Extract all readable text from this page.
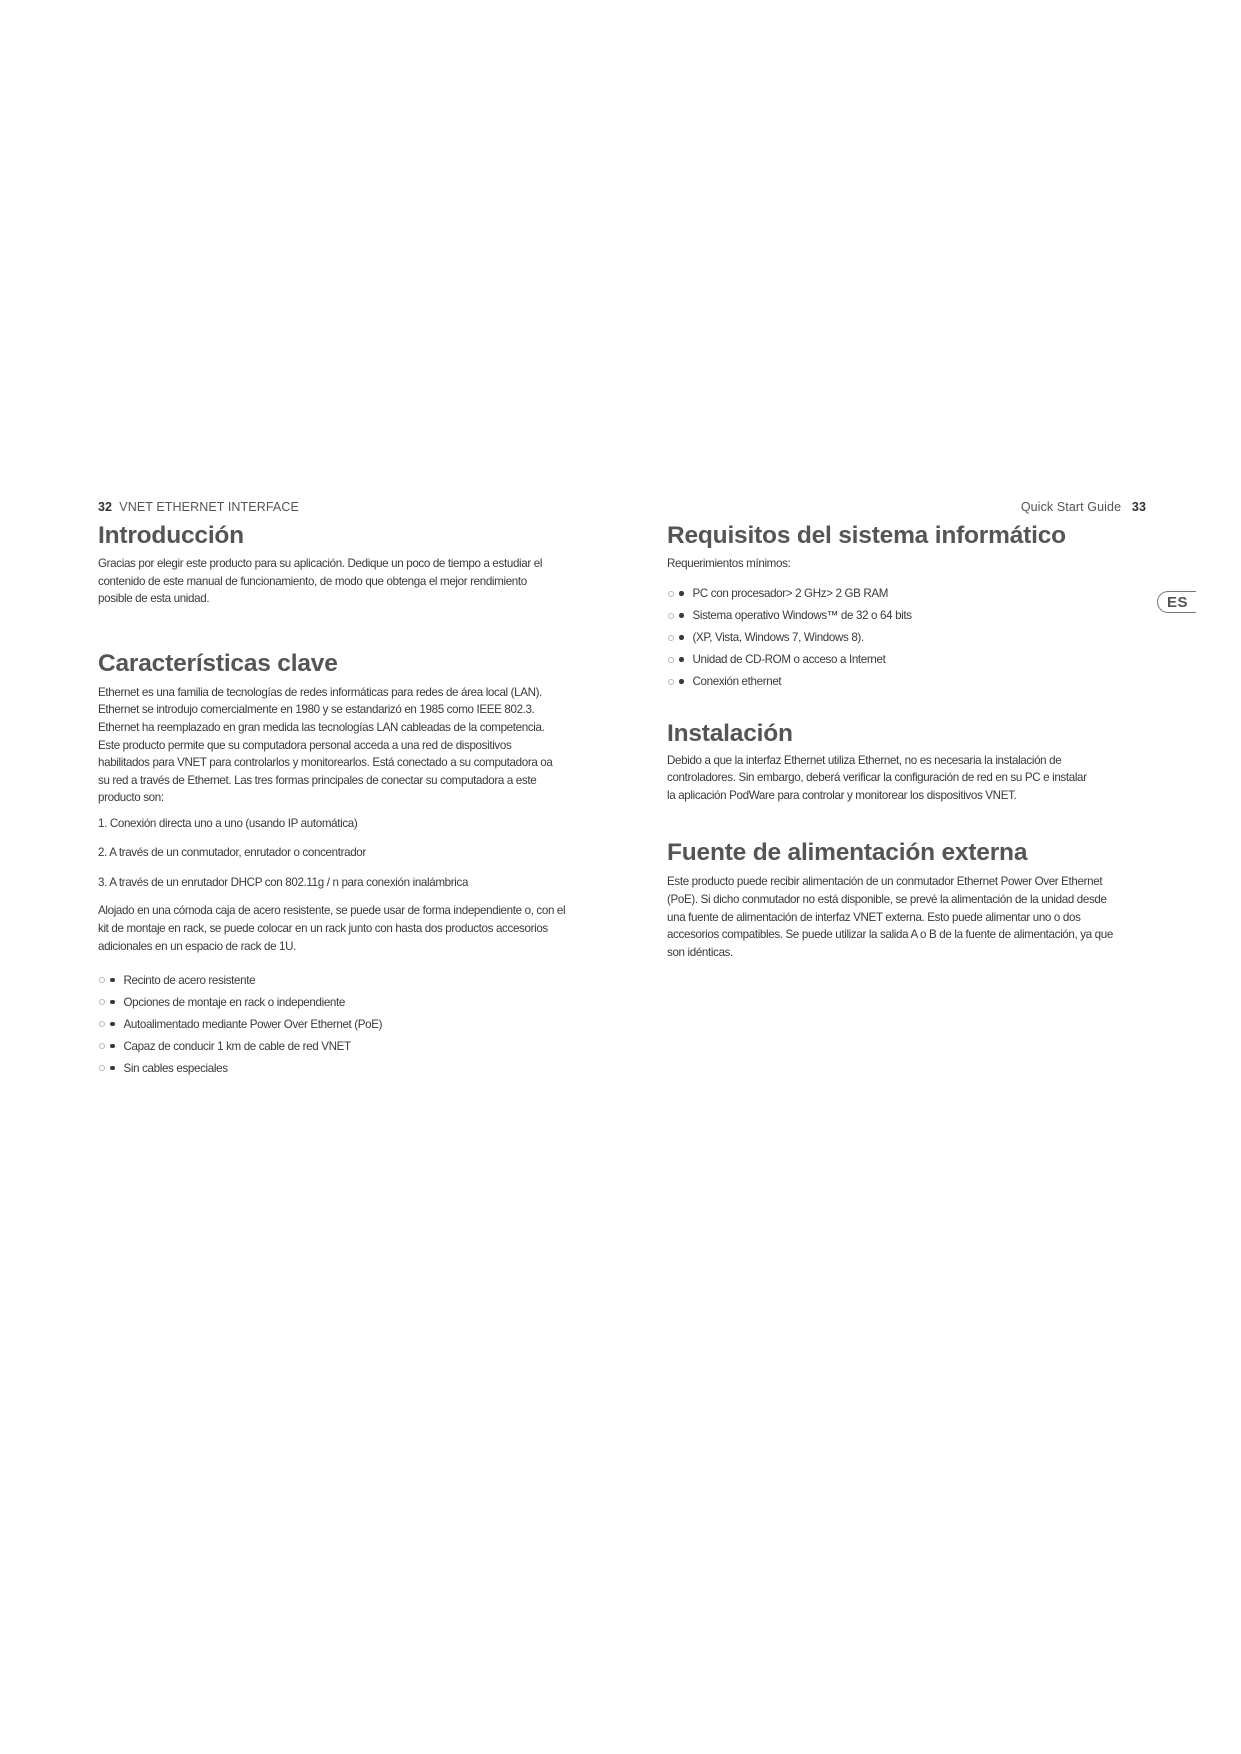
32 VNET ETHERNET INTERFACE
Introducción

Gracias por elegir este producto para su aplicación. Dedique un poco de tiempo a estudiar el contenido de este manual de funcionamiento, de modo que obtenga el mejor rendimiento posible de esta unidad.

Características clave

Ethernet es una familia de tecnologías de redes informáticas para redes de área local (LAN). Ethernet se introdujo comercialmente en 1980 y se estandarizó en 1985 como IEEE 802.3. Ethernet ha reemplazado en gran medida las tecnologías LAN cableadas de la competencia. Este producto permite que su computadora personal acceda a una red de dispositivos habilitados para VNET para controlarlos y monitorearlos. Está conectado a su computadora oa su red a través de Ethernet. Las tres formas principales de conectar su computadora a este producto son:

1. Conexión directa uno a uno (usando IP automática)
2. A través de un conmutador, enrutador o concentrador
3. A través de un enrutador DHCP con 802.11g / n para conexión inalámbrica

Alojado en una cómoda caja de acero resistente, se puede usar de forma independiente o, con el kit de montaje en rack, se puede colocar en un rack junto con hasta dos productos accesorios adicionales en un espacio de rack de 1U.

Recinto de acero resistente
Opciones de montaje en rack o independiente
Autoalimentado mediante Power Over Ethernet (PoE)
Capaz de conducir 1 km de cable de red VNET
Sin cables especiales
Quick Start Guide 33
Requisitos del sistema informático

Requerimientos mínimos:

PC con procesador> 2 GHz> 2 GB RAM
Sistema operativo Windows™ de 32 o 64 bits
(XP, Vista, Windows 7, Windows 8).
Unidad de CD-ROM o acceso a Internet
Conexión ethernet
Instalación

Debido a que la interfaz Ethernet utiliza Ethernet, no es necesaria la instalación de controladores. Sin embargo, deberá verificar la configuración de red en su PC e instalar la aplicación PodWare para controlar y monitorear los dispositivos VNET.

Fuente de alimentación externa

Este producto puede recibir alimentación de un conmutador Ethernet Power Over Ethernet (PoE). Si dicho conmutador no está disponible, se prevé la alimentación de la unidad desde una fuente de alimentación de interfaz VNET externa. Esto puede alimentar uno o dos accesorios compatibles. Se puede utilizar la salida A o B de la fuente de alimentación, ya que son idénticas.

ES
